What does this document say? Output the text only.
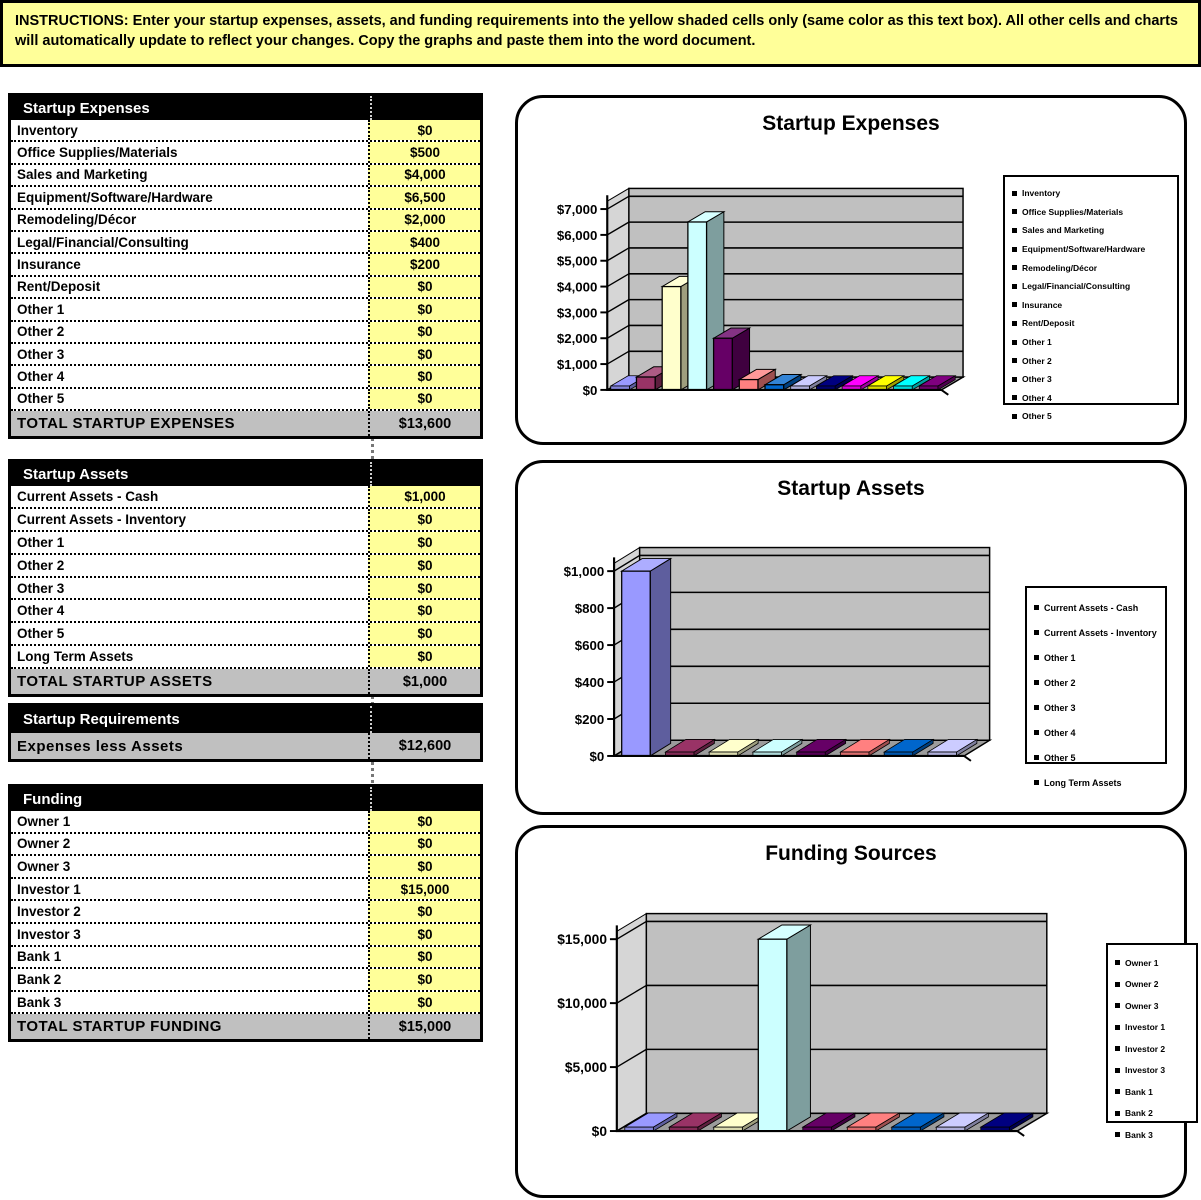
INSTRUCTIONS: Enter your startup expenses, assets, and funding requirements into the yellow shaded cells only (same color as this text box). All other cells and charts will automatically update to reflect your changes. Copy the graphs and paste them into the word document.
Startup Expenses
Inventory	$0
Office Supplies/Materials	$500
Sales and Marketing	$4,000
Equipment/Software/Hardware	$6,500
Remodeling/Décor	$2,000
Legal/Financial/Consulting	$400
Insurance	$200
Rent/Deposit	$0
Other 1	$0
Other 2	$0
Other 3	$0
Other 4	$0
Other 5	$0
TOTAL STARTUP EXPENSES	$13,600
Startup Assets
Current Assets - Cash	$1,000
Current Assets - Inventory	$0
Other 1	$0
Other 2	$0
Other 3	$0
Other 4	$0
Other 5	$0
Long Term Assets	$0
TOTAL STARTUP ASSETS	$1,000
Startup Requirements
Expenses less Assets	$12,600
Funding
Owner 1	$0
Owner 2	$0
Owner 3	$0
Investor 1	$15,000
Investor 2	$0
Investor 3	$0
Bank 1	$0
Bank 2	$0
Bank 3	$0
TOTAL STARTUP FUNDING	$15,000
$0
$1,000
$2,000
$3,000
$4,000
$5,000
$6,000
$7,000
Startup Expenses
Inventory
Office Supplies/Materials
Sales and Marketing
Equipment/Software/Hardware
Remodeling/Décor
Legal/Financial/Consulting
Insurance
Rent/Deposit
Other 1
Other 2
Other 3
Other 4
Other 5
$0
$200
$400
$600
$800
$1,000
Startup Assets
Current Assets - Cash
Current Assets - Inventory
Other 1
Other 2
Other 3
Other 4
Other 5
Long Term Assets
$0
$5,000
$10,000
$15,000
Funding Sources
Owner 1
Owner 2
Owner 3
Investor 1
Investor 2
Investor 3
Bank 1
Bank 2
Bank 3
